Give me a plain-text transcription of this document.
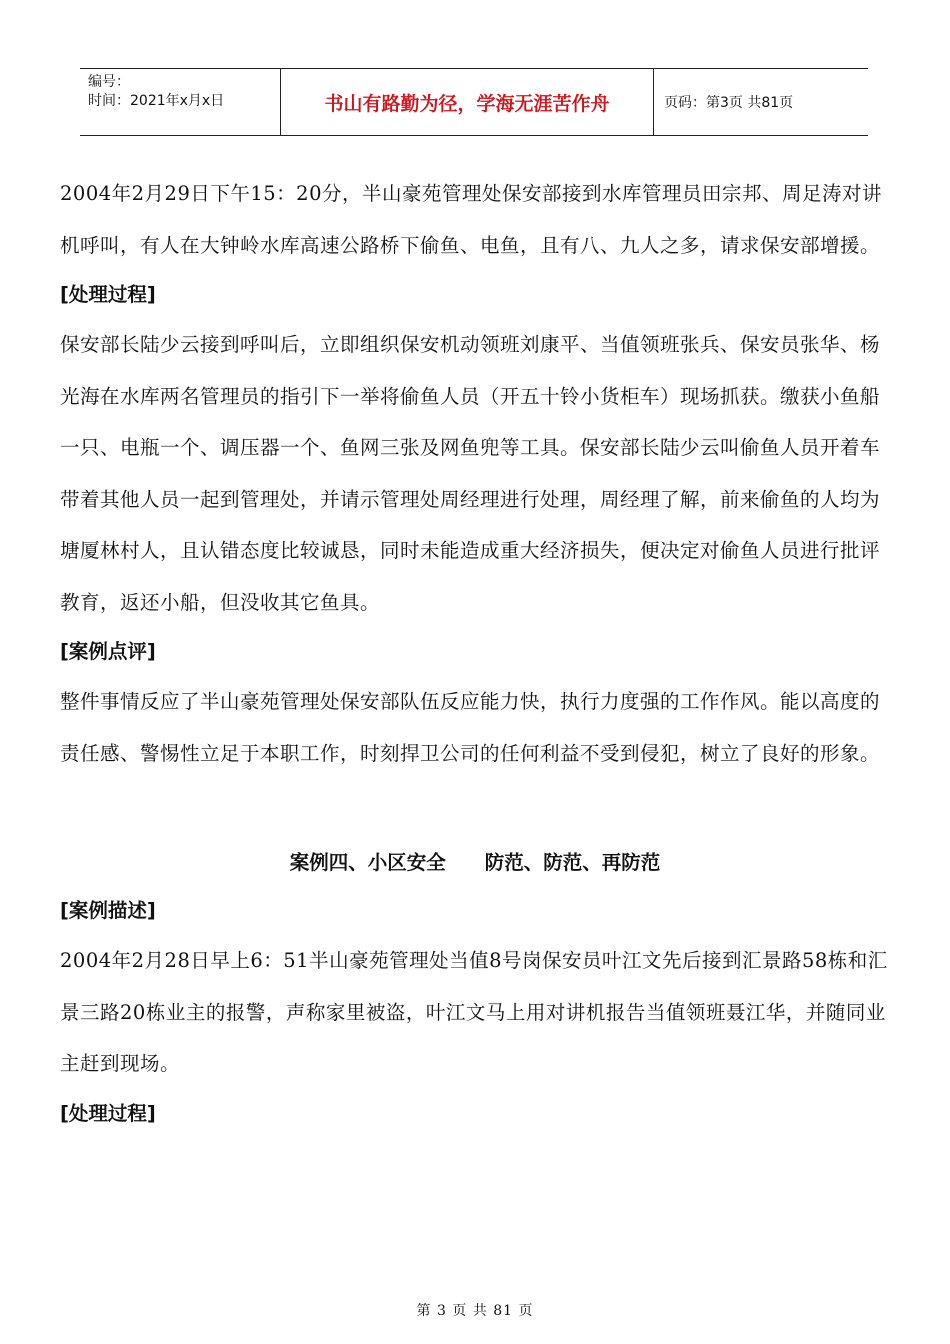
编号：
时间：2021年x月x日	书山有路勤为径，学海无涯苦作舟	页码：第3页 共81页

2004年2月29日下午15：20分，半山豪苑管理处保安部接到水库管理员田宗邦、周足涛对讲机呼叫，有人在大钟岭水库高速公路桥下偷鱼、电鱼，且有八、九人之多，请求保安部增援。

[处理过程]

保安部长陆少云接到呼叫后，立即组织保安机动领班刘康平、当值领班张兵、保安员张华、杨光海在水库两名管理员的指引下一举将偷鱼人员（开五十铃小货柜车）现场抓获。缴获小鱼船一只、电瓶一个、调压器一个、鱼网三张及网鱼兜等工具。保安部长陆少云叫偷鱼人员开着车带着其他人员一起到管理处，并请示管理处周经理进行处理，周经理了解，前来偷鱼的人均为塘厦林村人，且认错态度比较诚恳，同时未能造成重大经济损失，便决定对偷鱼人员进行批评教育，返还小船，但没收其它鱼具。

[案例点评]

整件事情反应了半山豪苑管理处保安部队伍反应能力快，执行力度强的工作作风。能以高度的责任感、警惕性立足于本职工作，时刻捍卫公司的任何利益不受到侵犯，树立了良好的形象。

案例四、小区安全　　防范、防范、再防范

[案例描述]

2004年2月28日早上6：51半山豪苑管理处当值8号岗保安员叶江文先后接到汇景路58栋和汇景三路20栋业主的报警，声称家里被盗，叶江文马上用对讲机报告当值领班聂江华，并随同业主赶到现场。

[处理过程]

第 3 页 共 81 页
